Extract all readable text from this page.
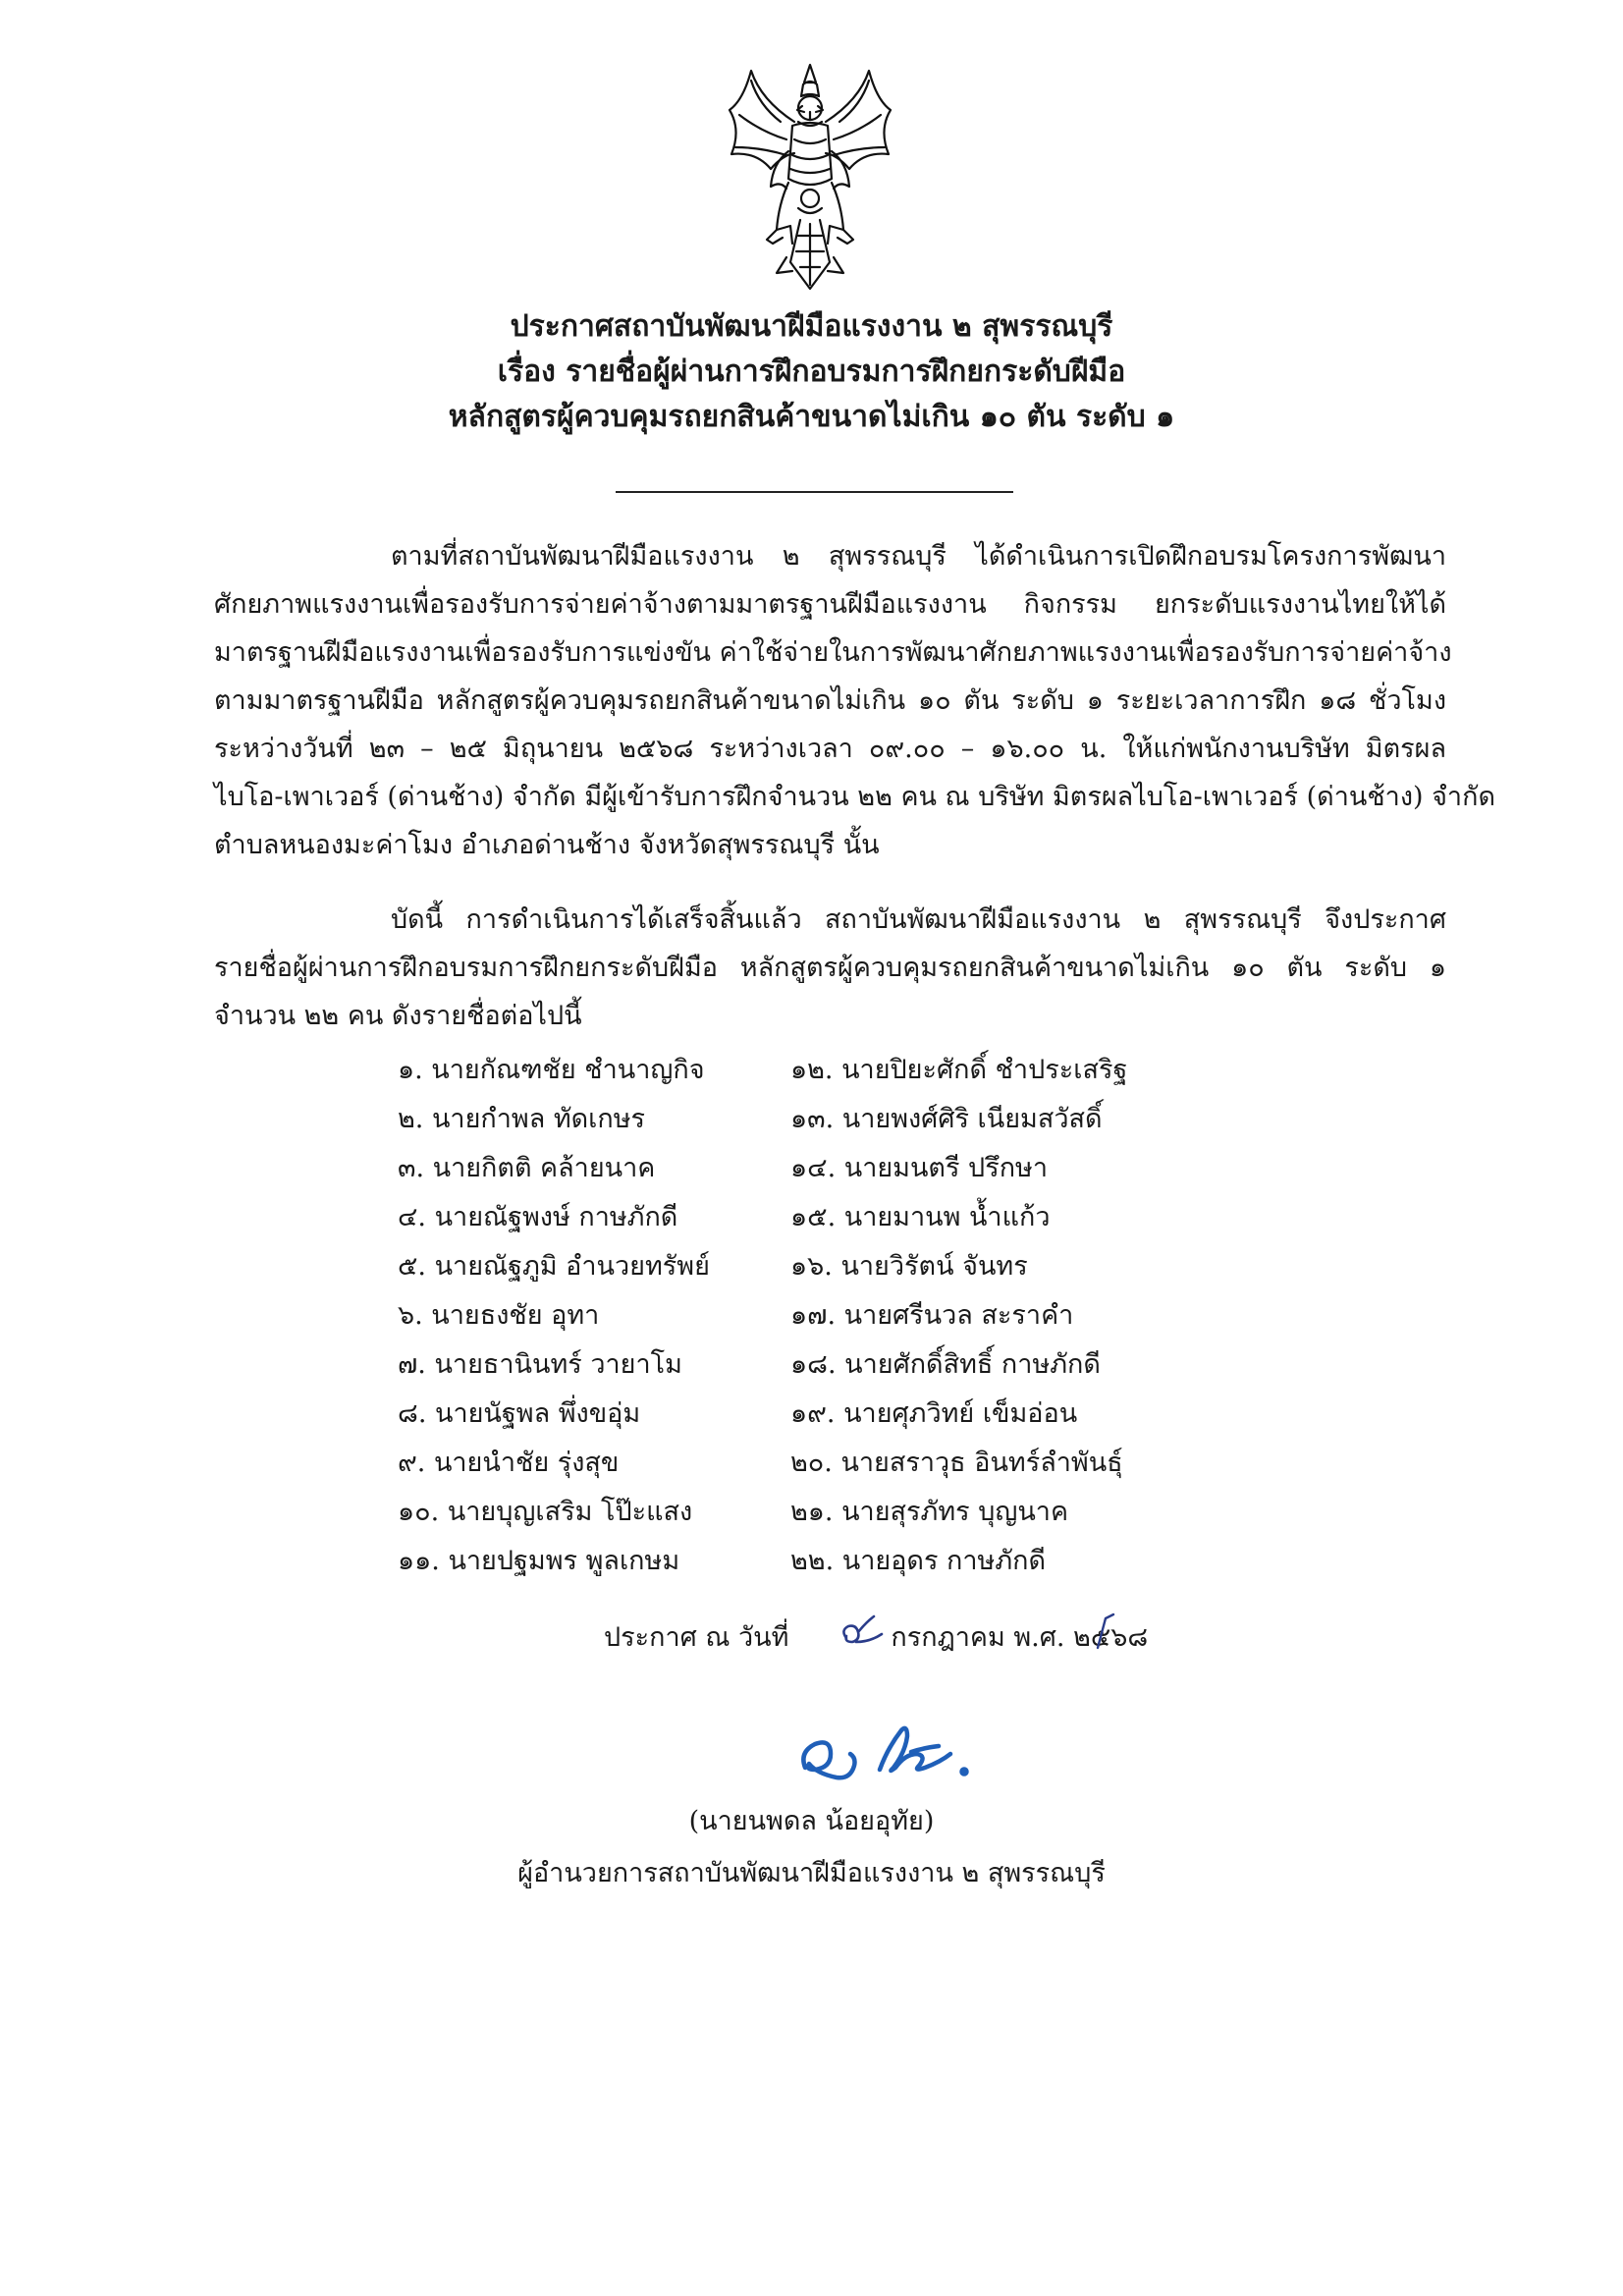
ประกาศสถาบันพัฒนาฝีมือแรงงาน ๒ สุพรรณบุรี
เรื่อง รายชื่อผู้ผ่านการฝึกอบรมการฝึกยกระดับฝีมือ
หลักสูตรผู้ควบคุมรถยกสินค้าขนาดไม่เกิน ๑๐ ตัน ระดับ ๑
ตามที่สถาบันพัฒนาฝีมือแรงงาน ๒ สุพรรณบุรี ได้ดำเนินการเปิดฝึกอบรมโครงการพัฒนา
ศักยภาพแรงงานเพื่อรองรับการจ่ายค่าจ้างตามมาตรฐานฝีมือแรงงาน กิจกรรม ยกระดับแรงงานไทยให้ได้
มาตรฐานฝีมือแรงงานเพื่อรองรับการแข่งขัน ค่าใช้จ่ายในการพัฒนาศักยภาพแรงงานเพื่อรองรับการจ่ายค่าจ้าง
ตามมาตรฐานฝีมือ หลักสูตรผู้ควบคุมรถยกสินค้าขนาดไม่เกิน ๑๐ ตัน ระดับ ๑ ระยะเวลาการฝึก ๑๘ ชั่วโมง
ระหว่างวันที่ ๒๓ – ๒๕ มิถุนายน ๒๕๖๘ ระหว่างเวลา ๐๙.๐๐ – ๑๖.๐๐ น. ให้แก่พนักงานบริษัท มิตรผล
ไบโอ-เพาเวอร์ (ด่านช้าง) จำกัด มีผู้เข้ารับการฝึกจำนวน ๒๒ คน ณ บริษัท มิตรผลไบโอ-เพาเวอร์ (ด่านช้าง) จำกัด
ตำบลหนองมะค่าโมง อำเภอด่านช้าง จังหวัดสุพรรณบุรี นั้น
บัดนี้ การดำเนินการได้เสร็จสิ้นแล้ว สถาบันพัฒนาฝีมือแรงงาน ๒ สุพรรณบุรี จึงประกาศ
รายชื่อผู้ผ่านการฝึกอบรมการฝึกยกระดับฝีมือ หลักสูตรผู้ควบคุมรถยกสินค้าขนาดไม่เกิน ๑๐ ตัน ระดับ ๑
จำนวน ๒๒ คน ดังรายชื่อต่อไปนี้
๑. นายกัณฑชัย ชำนาญกิจ	๑๒. นายปิยะศักดิ์ ชำประเสริฐ
๒. นายกำพล ทัดเกษร	๑๓. นายพงศ์ศิริ เนียมสวัสดิ์
๓. นายกิตติ คล้ายนาค	๑๔. นายมนตรี ปรึกษา
๔. นายณัฐพงษ์ กาษภักดี	๑๕. นายมานพ น้ำแก้ว
๕. นายณัฐภูมิ อำนวยทรัพย์	๑๖. นายวิรัตน์ จันทร
๖. นายธงชัย อุทา	๑๗. นายศรีนวล สะราคำ
๗. นายธานินทร์ วายาโม	๑๘. นายศักดิ์สิทธิ์ กาษภักดี
๘. นายนัฐพล พึ่งขอุ่ม	๑๙. นายศุภวิทย์ เข็มอ่อน
๙. นายนำชัย รุ่งสุข	๒๐. นายสราวุธ อินทร์ลำพันธุ์
๑๐. นายบุญเสริม โป๊ะแสง	๒๑. นายสุรภัทร บุญนาค
๑๑. นายปฐมพร พูลเกษม	๒๒. นายอุดร กาษภักดี
ประกาศ ณ วันที่	กรกฎาคม พ.ศ. ๒๕๖๘
(นายนพดล น้อยอุทัย)
ผู้อำนวยการสถาบันพัฒนาฝีมือแรงงาน ๒ สุพรรณบุรี
